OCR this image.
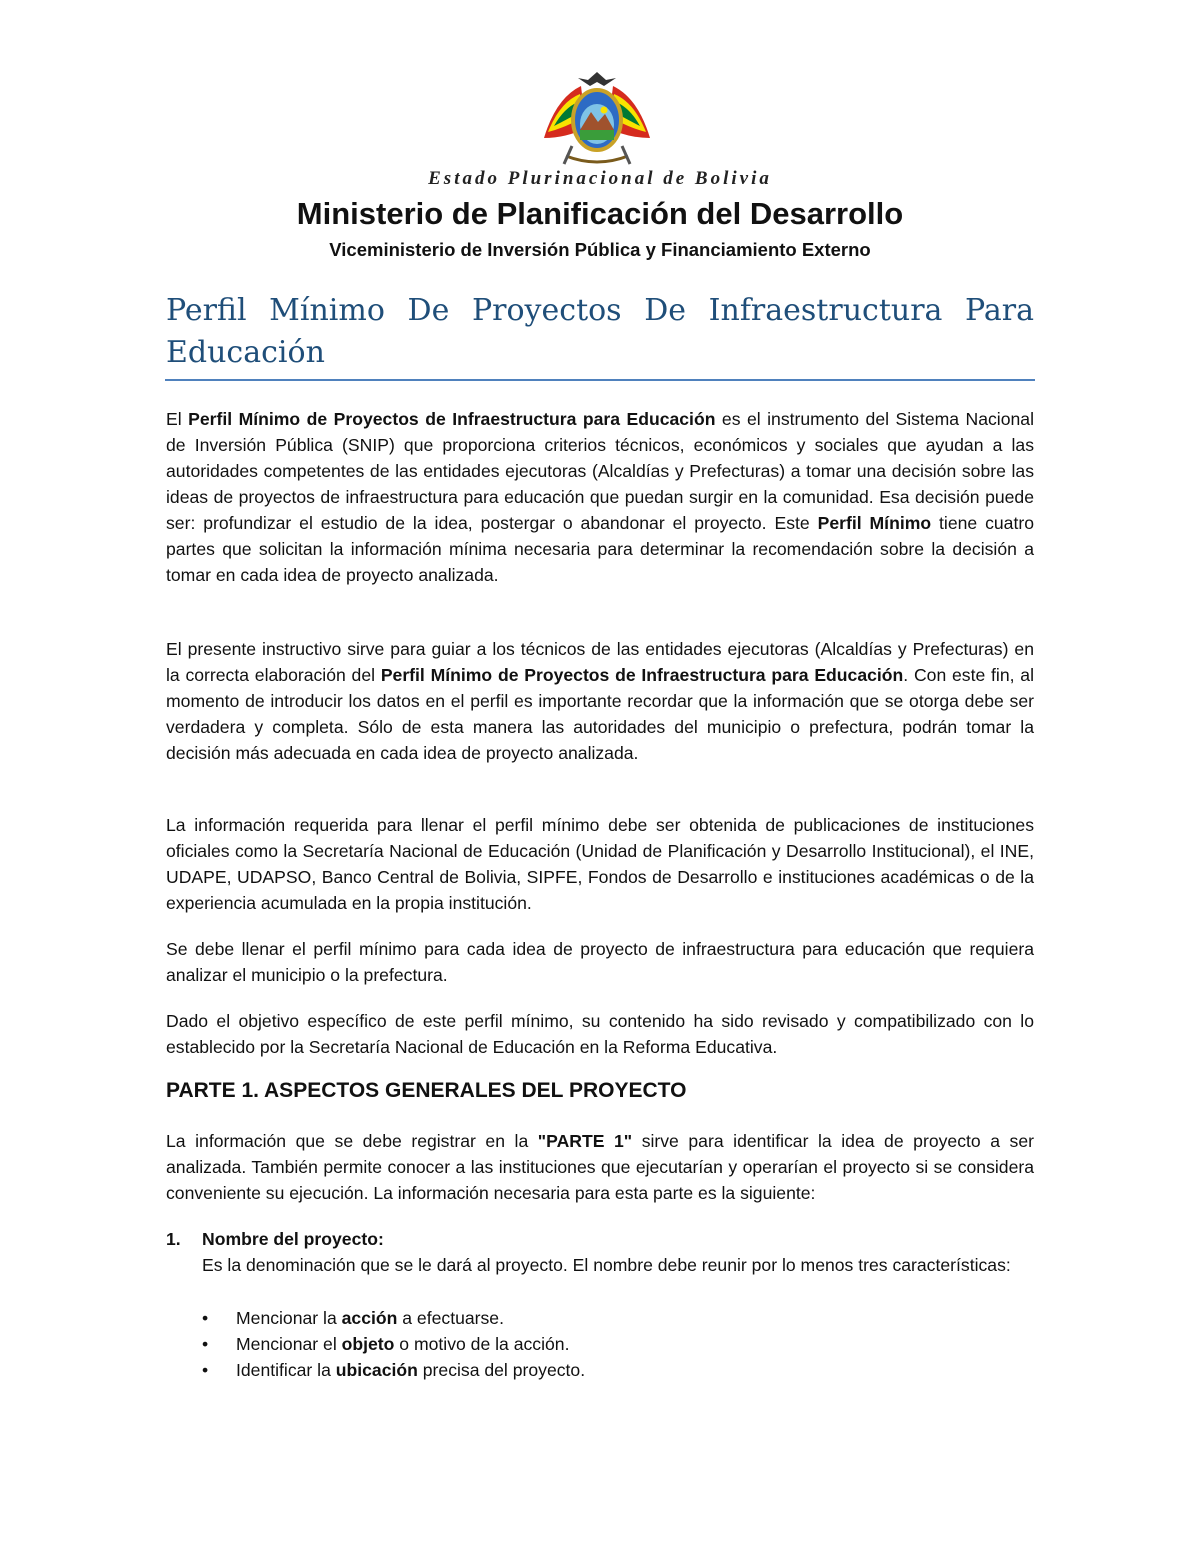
Estado Plurinacional de Bolivia
Ministerio de Planificación del Desarrollo
Viceministerio de Inversión Pública y Financiamiento Externo
Perfil Mínimo De Proyectos De Infraestructura Para Educación

El Perfil Mínimo de Proyectos de Infraestructura para Educación es el instrumento del Sistema Nacional de Inversión Pública (SNIP) que proporciona criterios técnicos, económicos y sociales que ayudan a las autoridades competentes de las entidades ejecutoras (Alcaldías y Prefecturas) a tomar una decisión sobre las ideas de proyectos de infraestructura para educación que puedan surgir en la comunidad. Esa decisión puede ser: profundizar el estudio de la idea, postergar o abandonar el proyecto. Este Perfil Mínimo tiene cuatro partes que solicitan la información mínima necesaria para determinar la recomendación sobre la decisión a tomar en cada idea de proyecto analizada.

El presente instructivo sirve para guiar a los técnicos de las entidades ejecutoras (Alcaldías y Prefecturas) en la correcta elaboración del Perfil Mínimo de Proyectos de Infraestructura para Educación. Con este fin, al momento de introducir los datos en el perfil es importante recordar que la información que se otorga debe ser verdadera y completa. Sólo de esta manera las autoridades del municipio o prefectura, podrán tomar la decisión más adecuada en cada idea de proyecto analizada.

La información requerida para llenar el perfil mínimo debe ser obtenida de publicaciones de instituciones oficiales como la Secretaría Nacional de Educación (Unidad de Planificación y Desarrollo Institucional), el INE, UDAPE, UDAPSO, Banco Central de Bolivia, SIPFE, Fondos de Desarrollo e instituciones académicas o de la experiencia acumulada en la propia institución.

Se debe llenar el perfil mínimo para cada idea de proyecto de infraestructura para educación que requiera analizar el municipio o la prefectura.

Dado el objetivo específico de este perfil mínimo, su contenido ha sido revisado y compatibilizado con lo establecido por la Secretaría Nacional de Educación en la Reforma Educativa.

PARTE 1. ASPECTOS GENERALES DEL PROYECTO

La información que se debe registrar en la "PARTE 1" sirve para identificar la idea de proyecto a ser analizada. También permite conocer a las instituciones que ejecutarían y operarían el proyecto si se considera conveniente su ejecución. La información necesaria para esta parte es la siguiente:

1. Nombre del proyecto:

Es la denominación que se le dará al proyecto. El nombre debe reunir por lo menos tres características:

• Mencionar la acción a efectuarse.
• Mencionar el objeto o motivo de la acción.
• Identificar la ubicación precisa del proyecto.
